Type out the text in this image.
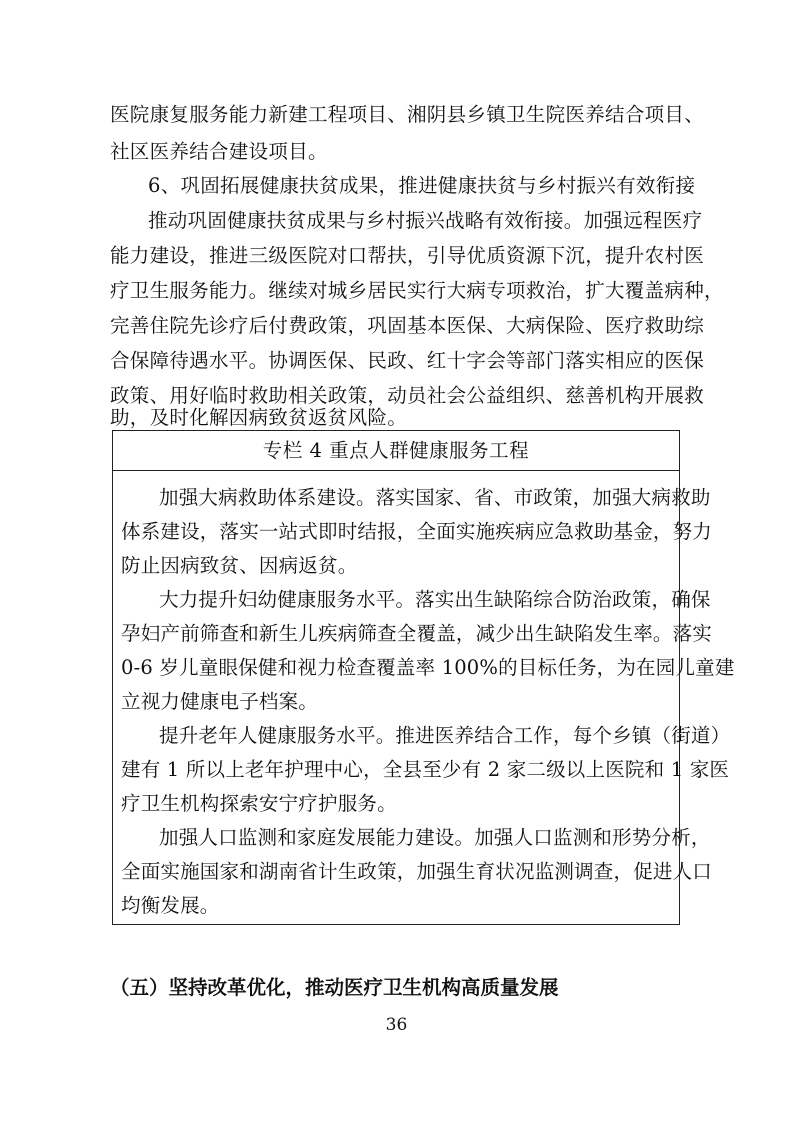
医院康复服务能力新建工程项目、湘阴县乡镇卫生院医养结合项目、
社区医养结合建设项目。
6、巩固拓展健康扶贫成果，推进健康扶贫与乡村振兴有效衔接
推动巩固健康扶贫成果与乡村振兴战略有效衔接。加强远程医疗
能力建设，推进三级医院对口帮扶，引导优质资源下沉，提升农村医
疗卫生服务能力。继续对城乡居民实行大病专项救治，扩大覆盖病种，
完善住院先诊疗后付费政策，巩固基本医保、大病保险、医疗救助综
合保障待遇水平。协调医保、民政、红十字会等部门落实相应的医保
政策、用好临时救助相关政策，动员社会公益组织、慈善机构开展救
助，及时化解因病致贫返贫风险。
专栏 4 重点人群健康服务工程
加强大病救助体系建设。落实国家、省、市政策，加强大病救助
体系建设，落实一站式即时结报，全面实施疾病应急救助基金，努力
防止因病致贫、因病返贫。
大力提升妇幼健康服务水平。落实出生缺陷综合防治政策，确保
孕妇产前筛查和新生儿疾病筛查全覆盖，减少出生缺陷发生率。落实
0-6 岁儿童眼保健和视力检查覆盖率 100%的目标任务，为在园儿童建
立视力健康电子档案。
提升老年人健康服务水平。推进医养结合工作，每个乡镇（街道）
建有 1 所以上老年护理中心，全县至少有 2 家二级以上医院和 1 家医
疗卫生机构探索安宁疗护服务。
加强人口监测和家庭发展能力建设。加强人口监测和形势分析，
全面实施国家和湖南省计生政策，加强生育状况监测调查，促进人口
均衡发展。
（五）坚持改革优化，推动医疗卫生机构高质量发展
36
